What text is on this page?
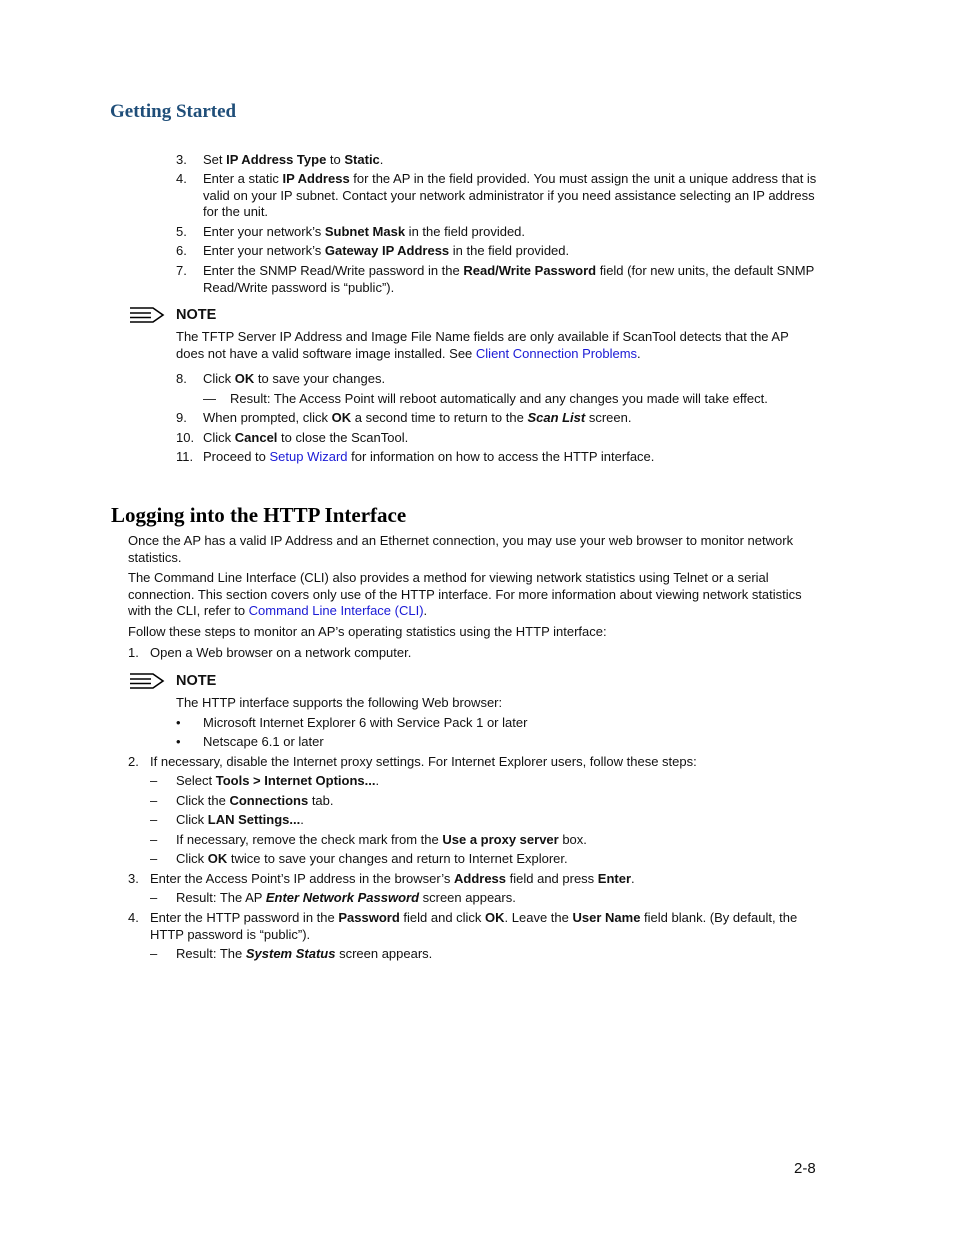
Getting Started
3.	Set IP Address Type to Static.
4.	Enter a static IP Address for the AP in the field provided. You must assign the unit a unique address that is valid on your IP subnet. Contact your network administrator if you need assistance selecting an IP address for the unit.
5.	Enter your network’s Subnet Mask in the field provided.
6.	Enter your network’s Gateway IP Address in the field provided.
7.	Enter the SNMP Read/Write password in the Read/Write Password field (for new units, the default SNMP Read/Write password is “public”).
NOTE
The TFTP Server IP Address and Image File Name fields are only available if ScanTool detects that the AP does not have a valid software image installed. See Client Connection Problems.
8.	Click OK to save your changes.
—	Result: The Access Point will reboot automatically and any changes you made will take effect.
9.	When prompted, click OK a second time to return to the Scan List screen.
10. Click Cancel to close the ScanTool.
11. Proceed to Setup Wizard for information on how to access the HTTP interface.
Logging into the HTTP Interface
Once the AP has a valid IP Address and an Ethernet connection, you may use your web browser to monitor network statistics.
The Command Line Interface (CLI) also provides a method for viewing network statistics using Telnet or a serial connection. This section covers only use of the HTTP interface. For more information about viewing network statistics with the CLI, refer to Command Line Interface (CLI).
Follow these steps to monitor an AP’s operating statistics using the HTTP interface:
1. Open a Web browser on a network computer.
NOTE
The HTTP interface supports the following Web browser:
• Microsoft Internet Explorer 6 with Service Pack 1 or later
• Netscape 6.1 or later
2. If necessary, disable the Internet proxy settings. For Internet Explorer users, follow these steps:
–	Select Tools > Internet Options....
–	Click the Connections tab.
–	Click LAN Settings....
–	If necessary, remove the check mark from the Use a proxy server box.
–	Click OK twice to save your changes and return to Internet Explorer.
3. Enter the Access Point’s IP address in the browser’s Address field and press Enter.
–	Result: The AP Enter Network Password screen appears.
4. Enter the HTTP password in the Password field and click OK. Leave the User Name field blank. (By default, the HTTP password is “public”).
–	Result: The System Status screen appears.
2-8
